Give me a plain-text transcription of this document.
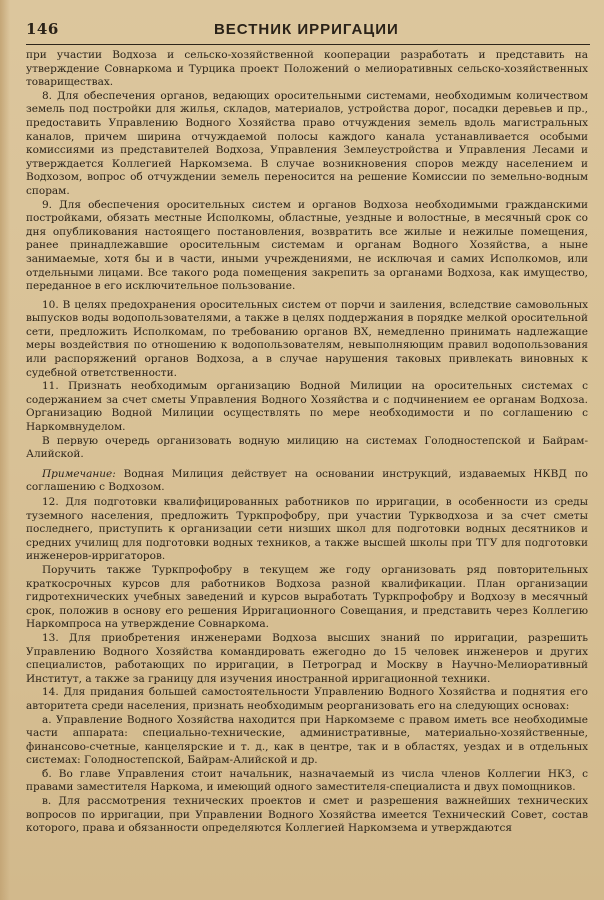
146	ВЕСТНИК ИРРИГАЦИИ

при участии Водхоза и сельско-хозяйственной кооперации разработать и представить на утверждение Совнаркома и Турцика проект Положений о мелиоративных сельско-хозяйственных товариществах.

8. Для обеспечения органов, ведающих оросительными системами, необходимым количеством земель под постройки для жилья, складов, материалов, устройства дорог, посадки деревьев и пр., предоставить Управлению Водного Хозяйства право отчуждения земель вдоль магистральных каналов, причем ширина отчуждаемой полосы каждого канала устанавливается особыми комиссиями из представителей Водхоза, Управления Землеустройства и Управления Лесами и утверждается Коллегией Наркомзема. В случае возникновения споров между населением и Водхозом, вопрос об отчуждении земель переносится на решение Комиссии по земельно-водным спорам.

9. Для обеспечения оросительных систем и органов Водхоза необходимыми гражданскими постройками, обязать местные Исполкомы, областные, уездные и волостные, в месячный срок со дня опубликования настоящего постановления, возвратить все жилые и нежилые помещения, ранее принадлежавшие оросительным системам и органам Водного Хозяйства, а ныне занимаемые, хотя бы и в части, иными учреждениями, не исключая и самих Исполкомов, или отдельными лицами. Все такого рода помещения закрепить за органами Водхоза, как имущество, переданное в его исключительное пользование.

10. В целях предохранения оросительных систем от порчи и заиления, вследствие самовольных выпусков воды водопользователями, а также в целях поддержания в порядке мелкой оросительной сети, предложить Исполкомам, по требованию органов ВХ, немедленно принимать надлежащие меры воздействия по отношению к водопользователям, невыполняющим правил водопользования или распоряжений органов Водхоза, а в случае нарушения таковых привлекать виновных к судебной ответственности.

11. Признать необходимым организацию Водной Милиции на оросительных системах с содержанием за счет сметы Управления Водного Хозяйства и с подчинением ее органам Водхоза. Организацию Водной Милиции осуществлять по мере необходимости и по соглашению с Наркомвнуделом.

В первую очередь организовать водную милицию на системах Голодностепской и Байрам-Алийской.

Примечание: Водная Милиция действует на основании инструкций, издаваемых НКВД по соглашению с Водхозом.

12. Для подготовки квалифицированных работников по ирригации, в особенности из среды туземного населения, предложить Туркпрофобру, при участии Туркводхоза и за счет сметы последнего, приступить к организации сети низших школ для подготовки водных десятников и средних училищ для подготовки водных техников, а также высшей школы при ТГУ для подготовки инженеров-ирригаторов.

Поручить также Туркпрофобру в текущем же году организовать ряд повторительных краткосрочных курсов для работников Водхоза разной квалификации. План организации гидротехнических учебных заведений и курсов выработать Туркпрофобру и Водхозу в месячный срок, положив в основу его решения Ирригационного Совещания, и представить через Коллегию Наркомпроса на утверждение Совнаркома.

13. Для приобретения инженерами Водхоза высших знаний по ирригации, разрешить Управлению Водного Хозяйства командировать ежегодно до 15 человек инженеров и других специалистов, работающих по ирригации, в Петроград и Москву в Научно-Мелиоративный Институт, а также за границу для изучения иностранной ирригационной техники.

14. Для придания большей самостоятельности Управлению Водного Хозяйства и поднятия его авторитета среди населения, признать необходимым реорганизовать его на следующих основах:

а. Управление Водного Хозяйства находится при Наркомземе с правом иметь все необходимые части аппарата: специально-технические, административные, материально-хозяйственные, финансово-счетные, канцелярские и т. д., как в центре, так и в областях, уездах и в отдельных системах: Голодностепской, Байрам-Алийской и др.

б. Во главе Управления стоит начальник, назначаемый из числа членов Коллегии НКЗ, с правами заместителя Наркома, и имеющий одного заместителя-специалиста и двух помощников.

в. Для рассмотрения технических проектов и смет и разрешения важнейших технических вопросов по ирригации, при Управлении Водного Хозяйства имеется Технический Совет, состав которого, права и обязанности определяются Коллегией Наркомзема и утверждаются
